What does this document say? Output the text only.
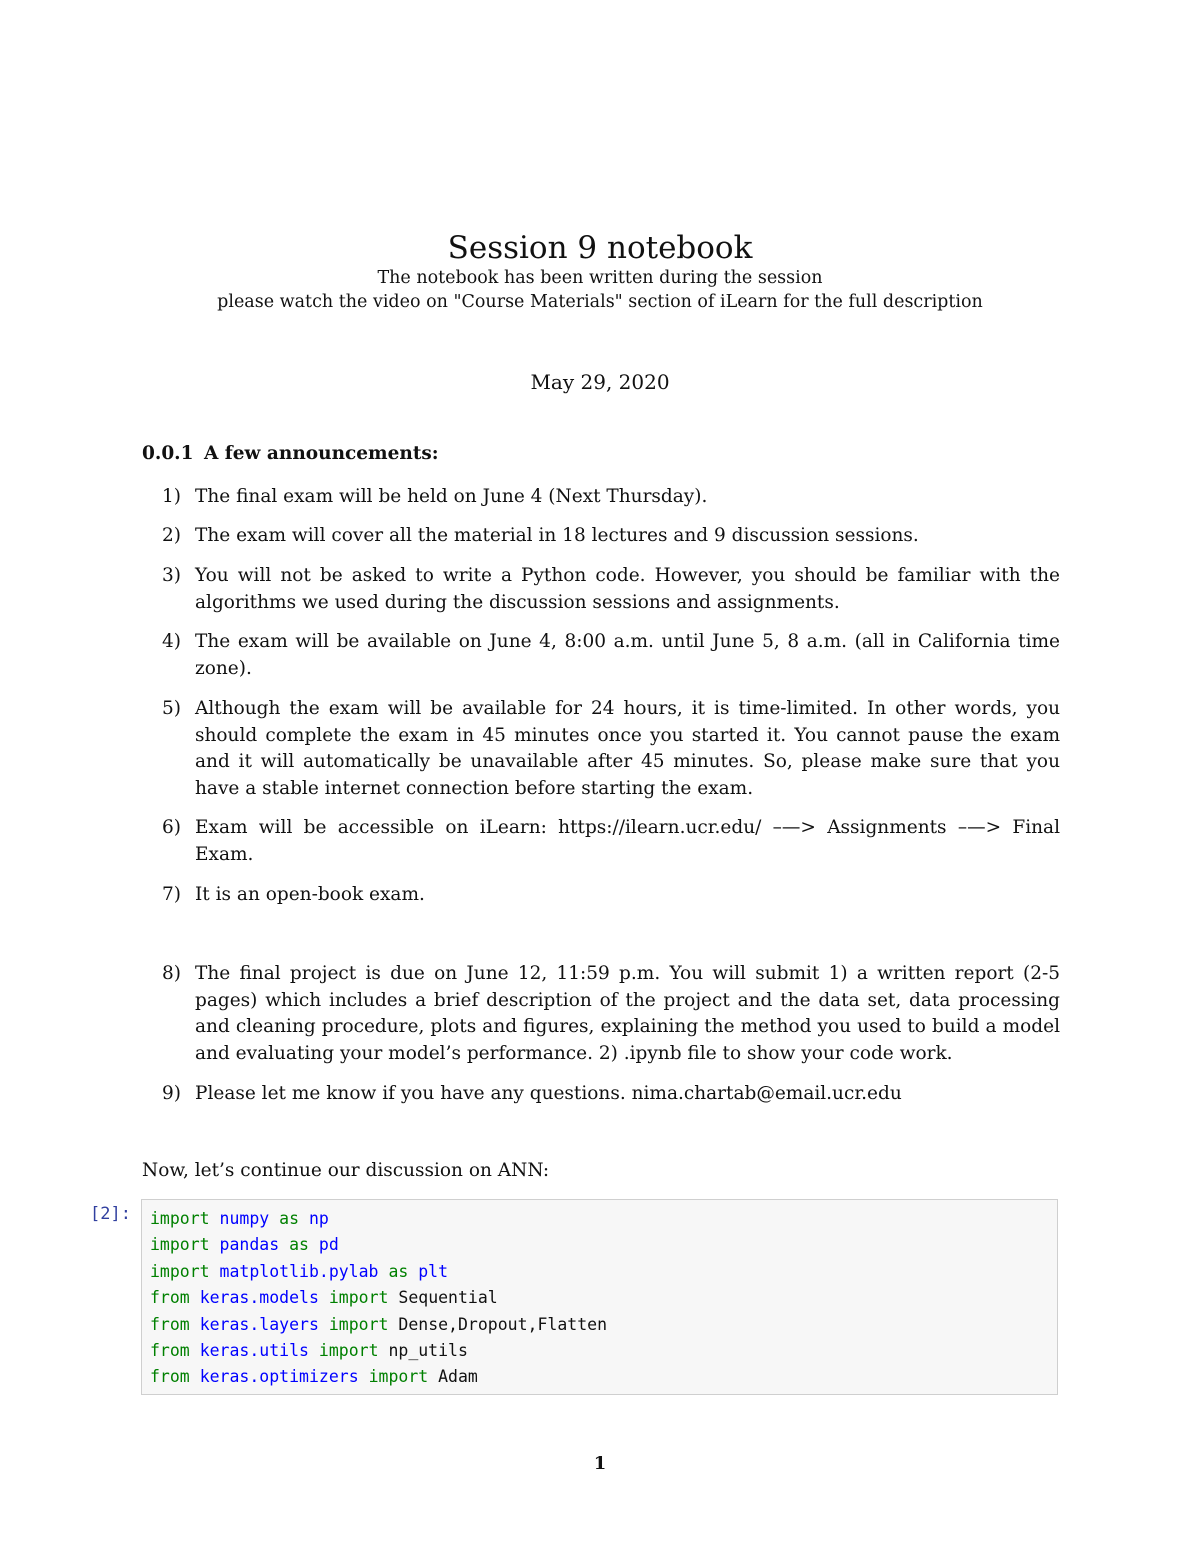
Session 9 notebook
The notebook has been written during the session
please watch the video on "Course Materials" section of iLearn for the full description
May 29, 2020
0.0.1 A few announcements:
1) The final exam will be held on June 4 (Next Thursday).
2) The exam will cover all the material in 18 lectures and 9 discussion sessions.
3) You will not be asked to write a Python code. However, you should be familiar with the algorithms we used during the discussion sessions and assignments.
4) The exam will be available on June 4, 8:00 a.m. until June 5, 8 a.m. (all in California time zone).
5) Although the exam will be available for 24 hours, it is time-limited. In other words, you should complete the exam in 45 minutes once you started it. You cannot pause the exam and it will automatically be unavailable after 45 minutes. So, please make sure that you have a stable internet connection before starting the exam.
6) Exam will be accessible on iLearn: https://ilearn.ucr.edu/ –—> Assignments –—> Final Exam.
7) It is an open-book exam.
8) The final project is due on June 12, 11:59 p.m. You will submit 1) a written report (2-5 pages) which includes a brief description of the project and the data set, data processing and cleaning procedure, plots and figures, explaining the method you used to build a model and evaluating your model’s performance. 2) .ipynb file to show your code work.
9) Please let me know if you have any questions. nima.chartab@email.ucr.edu
Now, let’s continue our discussion on ANN:
[2]: import numpy as np
import pandas as pd
import matplotlib.pylab as plt
from keras.models import Sequential
from keras.layers import Dense,Dropout,Flatten
from keras.utils import np_utils
from keras.optimizers import Adam
1
